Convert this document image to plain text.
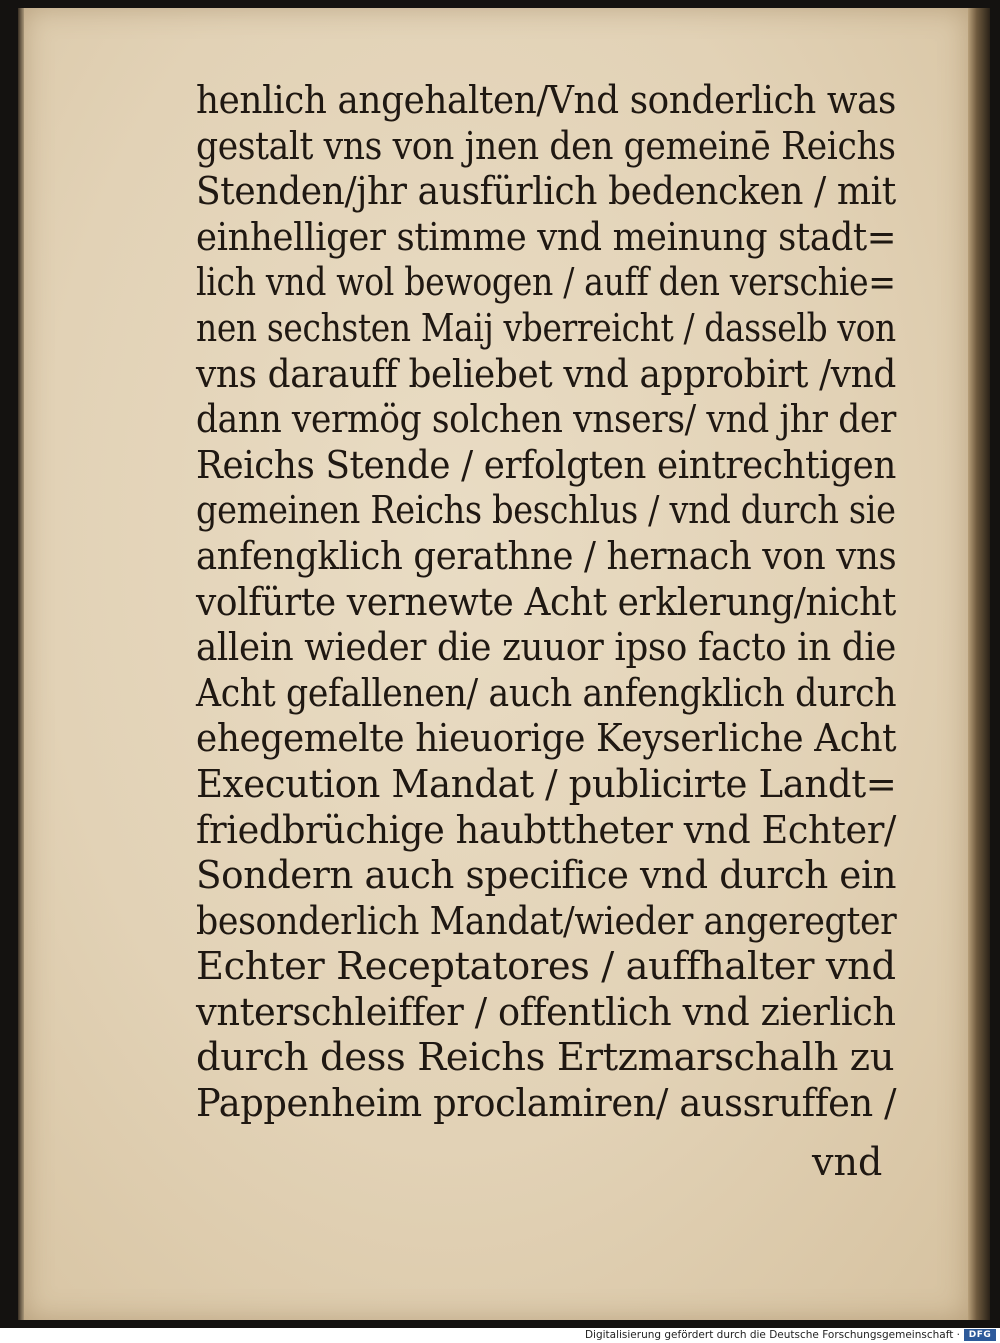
henlich angehalten/Vnd sonderlich was
gestalt vns von jnen den gemeinē Reichs
Stenden/jhr ausfürlich bedencken / mit
einhelliger stimme vnd meinung stadt=
lich vnd wol bewogen / auff den verschie=
nen sechsten Maij vberreicht / dasselb von
vns darauff beliebet vnd approbirt /vnd
dann vermög solchen vnsers/ vnd jhr der
Reichs Stende / erfolgten eintrechtigen
gemeinen Reichs beschlus / vnd durch sie
anfengklich gerathne / hernach von vns
volfürte vernewte Acht erklerung/nicht
allein wieder die zuuor ipso facto in die
Acht gefallenen/ auch anfengklich durch
ehegemelte hieuorige Keyserliche Acht
Execution Mandat / publicirte Landt=
friedbrüchige haubttheter vnd Echter/
Sondern auch specifice vnd durch ein
besonderlich Mandat/wieder angeregter
Echter Receptatores / auffhalter vnd
vnterschleiffer / offentlich vnd zierlich
durch dess Reichs Ertzmarschalh zu
Pappenheim proclamiren/ aussruffen /
vnd
Digitalisierung gefördert durch die Deutsche Forschungsgemeinschaft · DFG
